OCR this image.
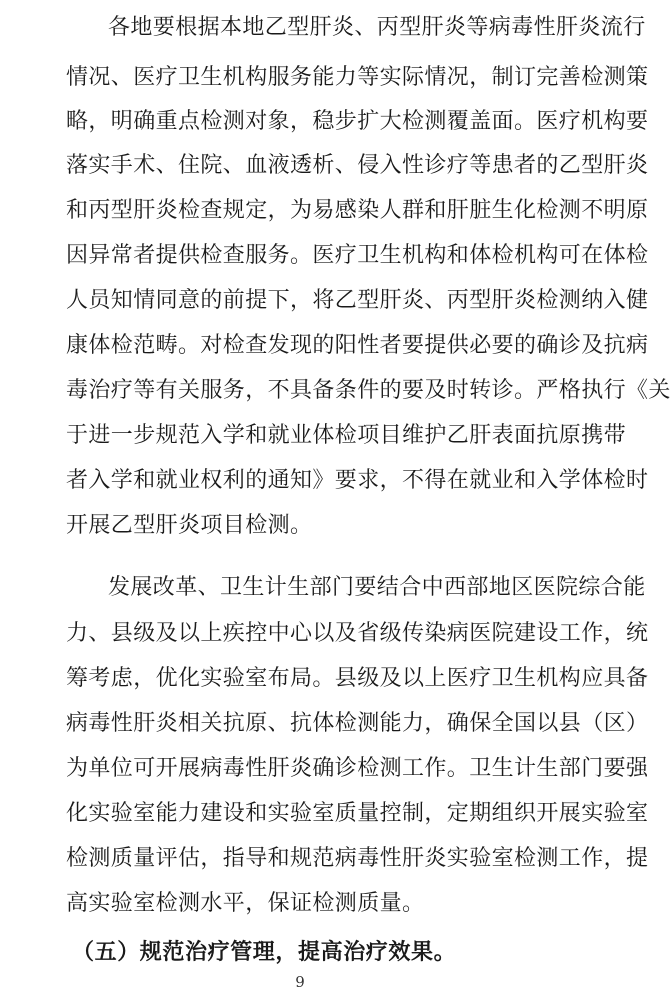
各地要根据本地乙型肝炎、丙型肝炎等病毒性肝炎流行
情况、医疗卫生机构服务能力等实际情况，制订完善检测策
略，明确重点检测对象，稳步扩大检测覆盖面。医疗机构要
落实手术、住院、血液透析、侵入性诊疗等患者的乙型肝炎
和丙型肝炎检查规定，为易感染人群和肝脏生化检测不明原
因异常者提供检查服务。医疗卫生机构和体检机构可在体检
人员知情同意的前提下，将乙型肝炎、丙型肝炎检测纳入健
康体检范畴。对检查发现的阳性者要提供必要的确诊及抗病
毒治疗等有关服务，不具备条件的要及时转诊。严格执行《关
于进一步规范入学和就业体检项目维护乙肝表面抗原携带
者入学和就业权利的通知》要求，不得在就业和入学体检时
开展乙型肝炎项目检测。
发展改革、卫生计生部门要结合中西部地区医院综合能
力、县级及以上疾控中心以及省级传染病医院建设工作，统
筹考虑，优化实验室布局。县级及以上医疗卫生机构应具备
病毒性肝炎相关抗原、抗体检测能力，确保全国以县（区）
为单位可开展病毒性肝炎确诊检测工作。卫生计生部门要强
化实验室能力建设和实验室质量控制，定期组织开展实验室
检测质量评估，指导和规范病毒性肝炎实验室检测工作，提
高实验室检测水平，保证检测质量。
（五）规范治疗管理，提高治疗效果。
9
